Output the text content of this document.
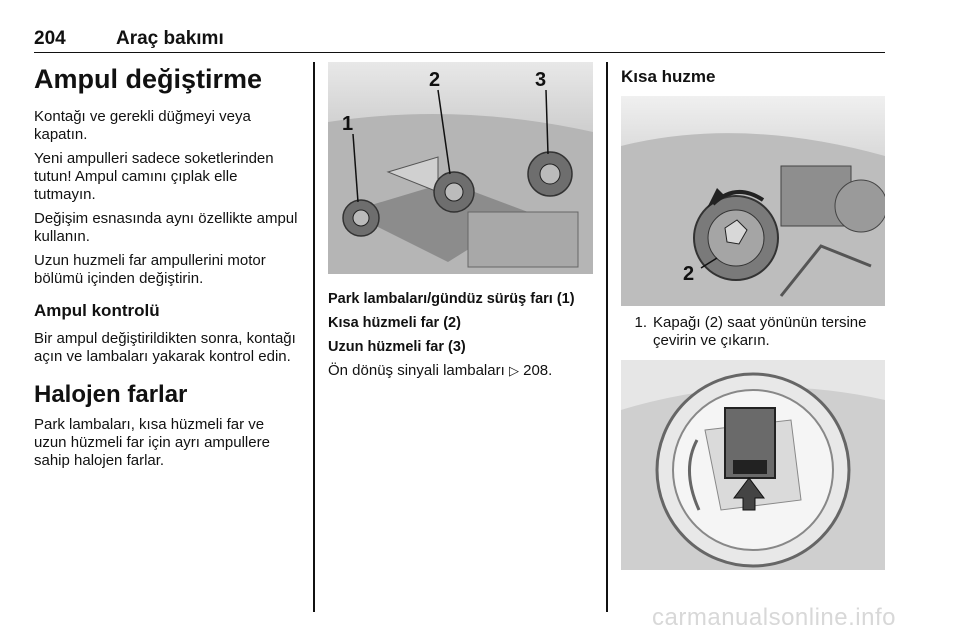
204	Araç bakımı
Ampul değiştirme

Kontağı ve gerekli düğmeyi veya kapatın.

Yeni ampulleri sadece soketlerinden tutun! Ampul camını çıplak elle tutmayın.

Değişim esnasında aynı özellikte ampul kullanın.

Uzun huzmeli far ampullerini motor bölümü içinden değiştirin.

Ampul kontrolü

Bir ampul değiştirildikten sonra, kontağı açın ve lambaları yakarak kontrol edin.

Halojen farlar

Park lambaları, kısa hüzmeli far ve uzun hüzmeli far için ayrı ampullere sahip halojen farlar.

1
2	3
Park lambaları/gündüz sürüş farı (1)
Kısa hüzmeli far (2)
Uzun hüzmeli far (3)
Ön dönüş sinyali lambaları ▷ 208.
Kısa huzme
2
1. Kapağı (2) saat yönünün tersine çevirin ve çıkarın.
carmanualsonline.info
